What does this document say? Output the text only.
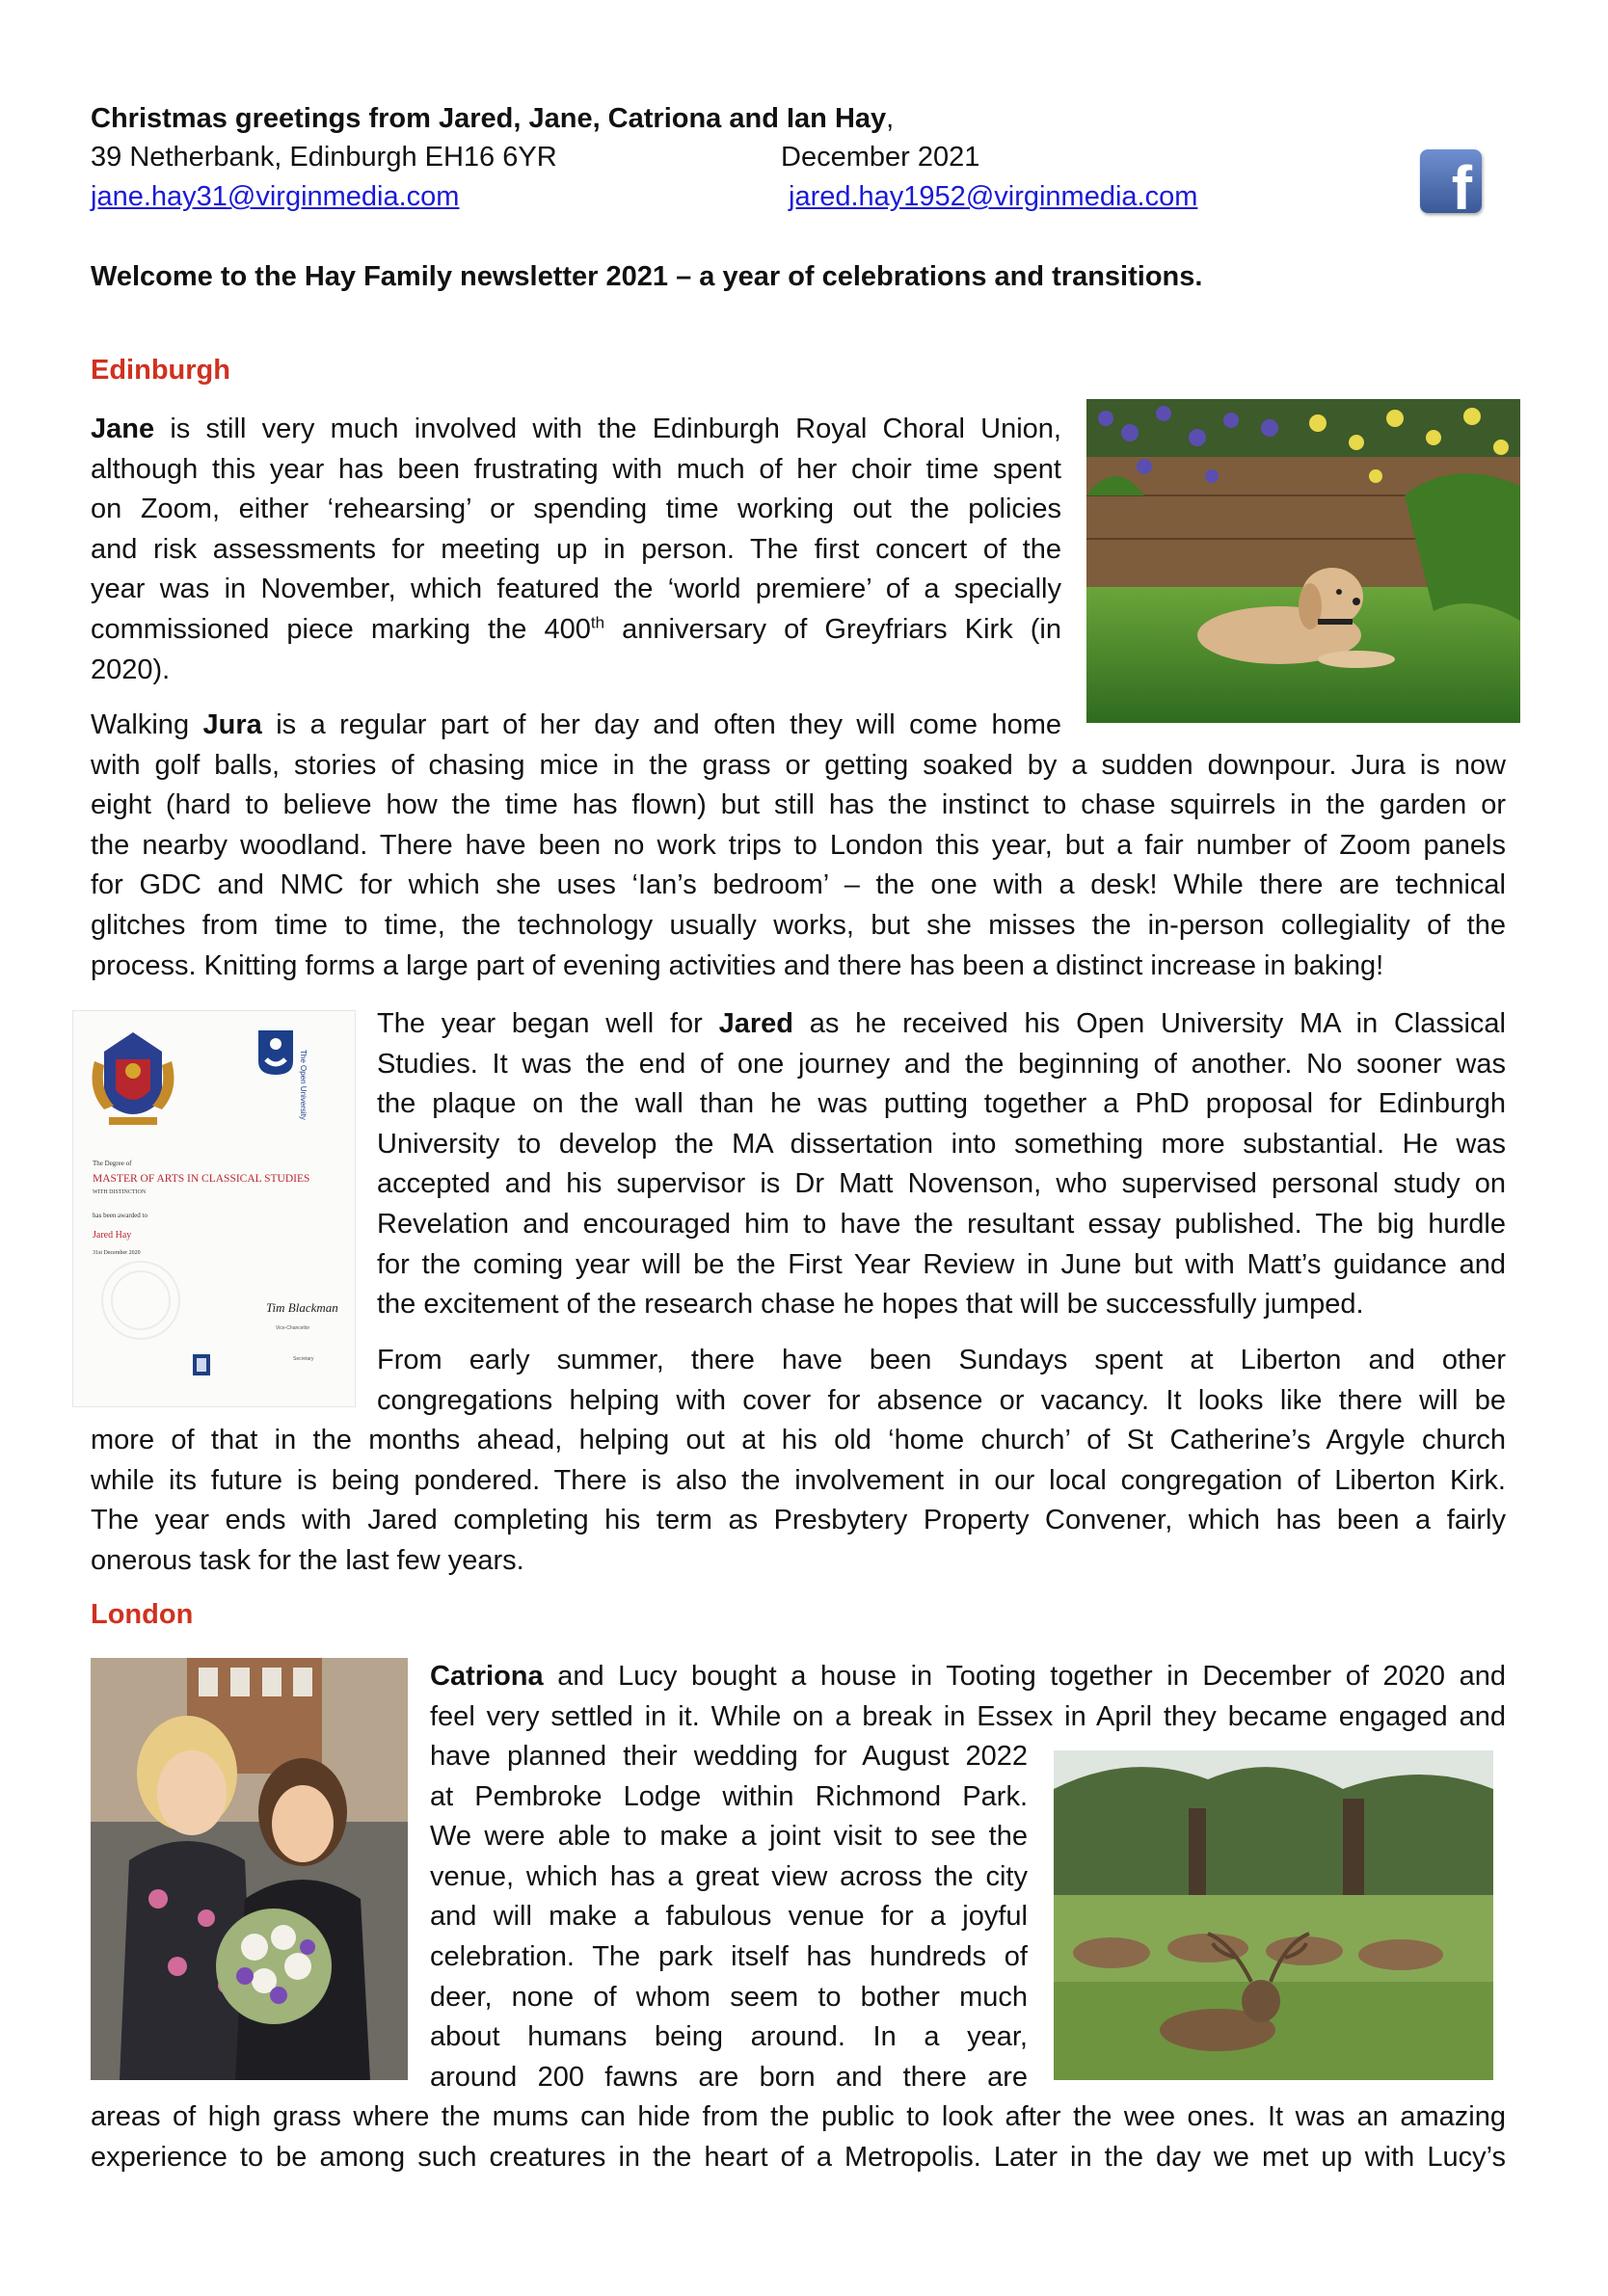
Christmas greetings from Jared, Jane, Catriona and Ian Hay,
39 Netherbank, Edinburgh EH16 6YR	December 2021
jane.hay31@virginmedia.com	jared.hay1952@virginmedia.com	f
Welcome to the Hay Family newsletter 2021 – a year of celebrations and transitions.
Edinburgh
Jane is still very much involved with the Edinburgh Royal Choral Union,
although this year has been frustrating with much of her choir time spent
on Zoom, either ‘rehearsing’ or spending time working out the policies
and risk assessments for meeting up in person. The first concert of the
year was in November, which featured the ‘world premiere’ of a specially
commissioned piece marking the 400th anniversary of Greyfriars Kirk (in
2020).
Walking Jura is a regular part of her day and often they will come home
with golf balls, stories of chasing mice in the grass or getting soaked by a sudden downpour. Jura is now
eight (hard to believe how the time has flown) but still has the instinct to chase squirrels in the garden or
the nearby woodland. There have been no work trips to London this year, but a fair number of Zoom panels
for GDC and NMC for which she uses ‘Ian’s bedroom’ – the one with a desk! While there are technical
glitches from time to time, the technology usually works, but she misses the in-person collegiality of the
process. Knitting forms a large part of evening activities and there has been a distinct increase in baking!
The Open University
The Degree of
MASTER OF ARTS IN CLASSICAL STUDIES
WITH DISTINCTION
has been awarded to
Jared Hay
31st December 2020
Tim Blackman
Vice-Chancellor
Secretary
The year began well for Jared as he received his Open University MA in Classical
Studies. It was the end of one journey and the beginning of another. No sooner was
the plaque on the wall than he was putting together a PhD proposal for Edinburgh
University to develop the MA dissertation into something more substantial. He was
accepted and his supervisor is Dr Matt Novenson, who supervised personal study on
Revelation and encouraged him to have the resultant essay published. The big hurdle
for the coming year will be the First Year Review in June but with Matt’s guidance and
the excitement of the research chase he hopes that will be successfully jumped.
From early summer, there have been Sundays spent at Liberton and other
congregations helping with cover for absence or vacancy. It looks like there will be
more of that in the months ahead, helping out at his old ‘home church’ of St Catherine’s Argyle church
while its future is being pondered. There is also the involvement in our local congregation of Liberton Kirk.
The year ends with Jared completing his term as Presbytery Property Convener, which has been a fairly
onerous task for the last few years.
London
Catriona and Lucy bought a house in Tooting together in December of 2020 and
feel very settled in it. While on a break in Essex in April they became engaged and
have planned their wedding for August 2022
at Pembroke Lodge within Richmond Park.
We were able to make a joint visit to see the
venue, which has a great view across the city
and will make a fabulous venue for a joyful
celebration. The park itself has hundreds of
deer, none of whom seem to bother much
about humans being around. In a year,
around 200 fawns are born and there are
areas of high grass where the mums can hide from the public to look after the wee ones. It was an amazing
experience to be among such creatures in the heart of a Metropolis. Later in the day we met up with Lucy’s
